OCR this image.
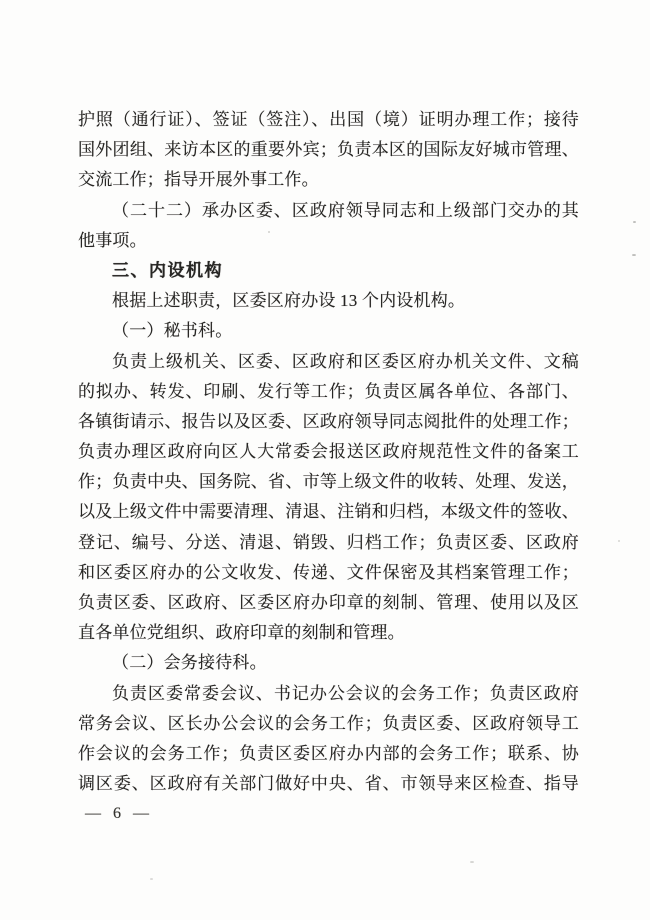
护照（通行证）、签证（签注）、出国（境）证明办理工作；接待
国外团组、来访本区的重要外宾；负责本区的国际友好城市管理、
交流工作；指导开展外事工作。
（二十二）承办区委、区政府领导同志和上级部门交办的其
他事项。
三、内设机构
根据上述职责，区委区府办设 13 个内设机构。
（一）秘书科。
负责上级机关、区委、区政府和区委区府办机关文件、文稿
的拟办、转发、印刷、发行等工作；负责区属各单位、各部门、
各镇街请示、报告以及区委、区政府领导同志阅批件的处理工作；
负责办理区政府向区人大常委会报送区政府规范性文件的备案工
作；负责中央、国务院、省、市等上级文件的收转、处理、发送，
以及上级文件中需要清理、清退、注销和归档，本级文件的签收、
登记、编号、分送、清退、销毁、归档工作；负责区委、区政府
和区委区府办的公文收发、传递、文件保密及其档案管理工作；
负责区委、区政府、区委区府办印章的刻制、管理、使用以及区
直各单位党组织、政府印章的刻制和管理。
（二）会务接待科。
负责区委常委会议、书记办公会议的会务工作；负责区政府
常务会议、区长办公会议的会务工作；负责区委、区政府领导工
作会议的会务工作；负责区委区府办内部的会务工作；联系、协
调区委、区政府有关部门做好中央、省、市领导来区检查、指导
— 6 —
